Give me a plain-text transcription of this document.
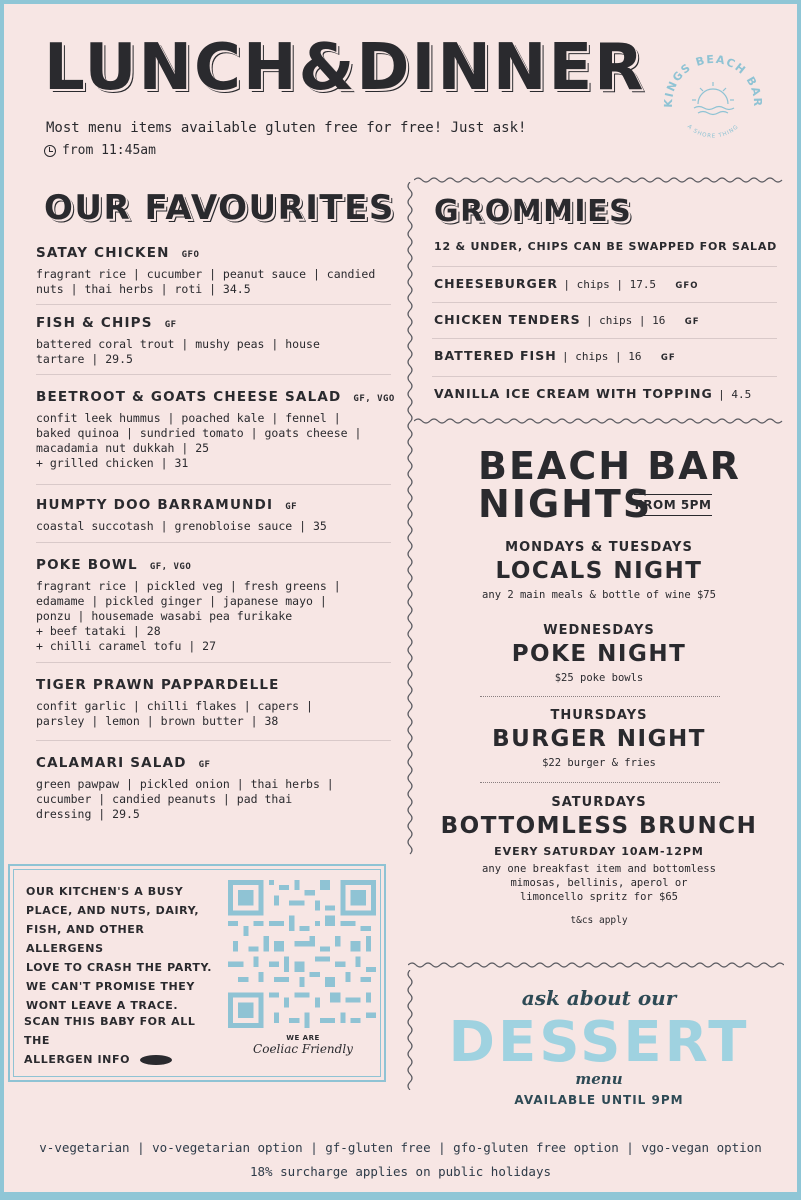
LUNCH&DINNER
Most menu items available gluten free for free! Just ask!
from 11:45am
KINGS BEACH BAR
A SHORE THING
OUR FAVOURITES
SATAY CHICKEN GFO
fragrant rice | cucumber | peanut sauce | candied
nuts | thai herbs | roti | 34.5
FISH & CHIPS GF
battered coral trout | mushy peas | house
tartare | 29.5
BEETROOT & GOATS CHEESE SALAD GF, VGO
confit leek hummus | poached kale | fennel |
baked quinoa | sundried tomato | goats cheese |
macadamia nut dukkah | 25
+ grilled chicken | 31
HUMPTY DOO BARRAMUNDI GF
coastal succotash | grenobloise sauce | 35
POKE BOWL GF, VGO
fragrant rice | pickled veg | fresh greens |
edamame | pickled ginger | japanese mayo |
ponzu | housemade wasabi pea furikake
+ beef tataki | 28
+ chilli caramel tofu | 27
TIGER PRAWN PAPPARDELLE
confit garlic | chilli flakes | capers |
parsley | lemon | brown butter | 38
CALAMARI SALAD GF
green pawpaw | pickled onion | thai herbs |
cucumber | candied peanuts | pad thai
dressing | 29.5
GROMMIES
12 & UNDER, CHIPS CAN BE SWAPPED FOR SALAD
CHEESEBURGER | chips | 17.5 GFO
CHICKEN TENDERS | chips | 16 GF
BATTERED FISH | chips | 16 GF
VANILLA ICE CREAM WITH TOPPING | 4.5
BEACH BAR
NIGHTS
FROM 5PM
MONDAYS & TUESDAYS
LOCALS NIGHT
any 2 main meals & bottle of wine $75
WEDNESDAYS
POKE NIGHT
$25 poke bowls
THURSDAYS
BURGER NIGHT
$22 burger & fries
SATURDAYS
BOTTOMLESS BRUNCH
EVERY SATURDAY 10AM-12PM
any one breakfast item and bottomless
mimosas, bellinis, aperol or
limoncello spritz for $65
t&cs apply
OUR KITCHEN'S A BUSY
PLACE, AND NUTS, DAIRY,
FISH, AND OTHER ALLERGENS
LOVE TO CRASH THE PARTY.
WE CAN'T PROMISE THEY
WONT LEAVE A TRACE.
SCAN THIS BABY FOR ALL THE
ALLERGEN INFO
WE ARE
Coeliac Friendly
ask about our
DESSERT
menu
AVAILABLE UNTIL 9PM
v-vegetarian | vo-vegetarian option | gf-gluten free | gfo-gluten free option | vgo-vegan option
18% surcharge applies on public holidays
